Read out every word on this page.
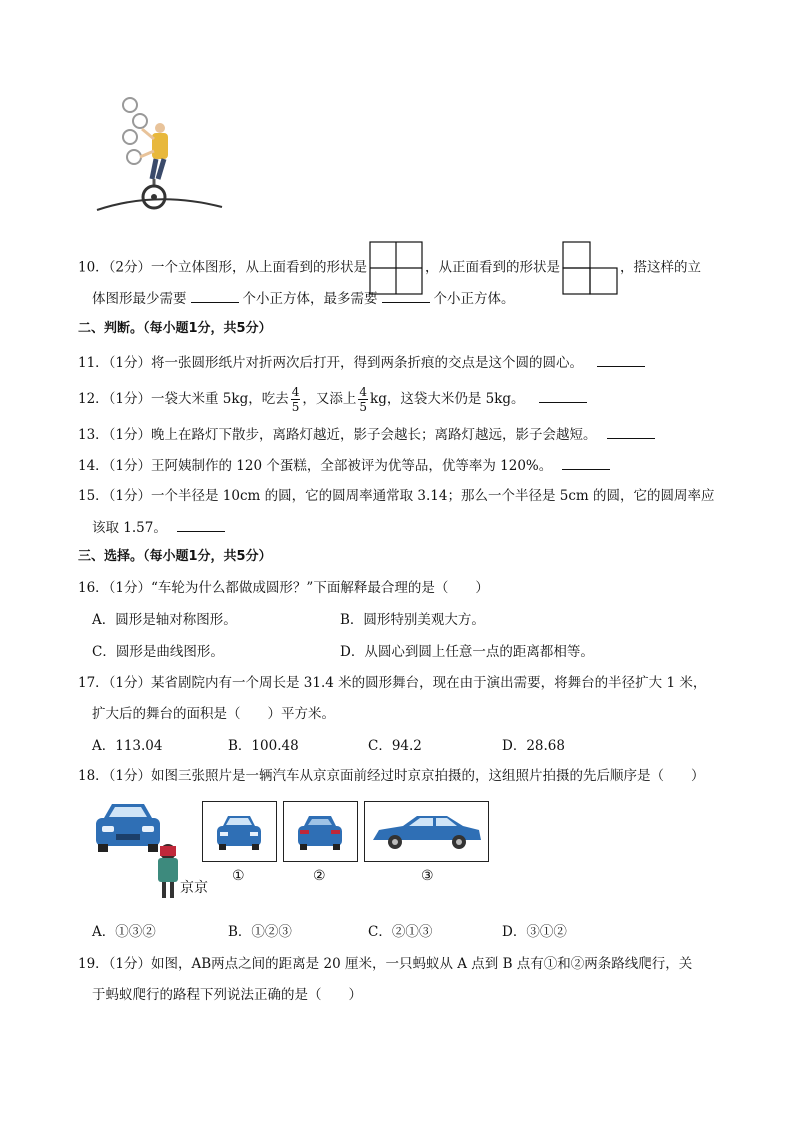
10．（2分）一个立体图形，从上面看到的形状是	，从正面看到的形状是	，搭这样的立
体图形最少需要	个小正方体，最多需要	个小正方体。
二、判断。（每小题1分，共5分）
11．（1分）将一张圆形纸片对折两次后打开，得到两条折痕的交点是这个圆的圆心。
12．（1分）一袋大米重 5kg，吃去 $\frac{4}{5}$ ，又添上 $\frac{4}{5}$ kg，这袋大米仍是 5kg。
13．（1分）晚上在路灯下散步，离路灯越近，影子会越长；离路灯越远，影子会越短。
14．（1分）王阿姨制作的 120 个蛋糕，全部被评为优等品，优等率为 120%。
15．（1分）一个半径是 10cm 的圆，它的圆周率通常取 3.14；那么一个半径是 5cm 的圆，它的圆周率应
该取 1.57。
三、选择。（每小题1分，共5分）
16．（1分）“车轮为什么都做成圆形？”下面解释最合理的是（　　）
A．圆形是轴对称图形。	B．圆形特别美观大方。
C．圆形是曲线图形。	D．从圆心到圆上任意一点的距离都相等。
17．（1分）某省剧院内有一个周长是 31.4 米的圆形舞台，现在由于演出需要，将舞台的半径扩大 1 米，
扩大后的舞台的面积是（　　）平方米。
A．113.04	B．100.48	C．94.2	D．28.68
18．（1分）如图三张照片是一辆汽车从京京面前经过时京京拍摄的，这组照片拍摄的先后顺序是（　　）
京京
①	②	③
A．①③②	B．①②③	C．②①③	D．③①②
19．（1分）如图，AB两点之间的距离是 20 厘米，一只蚂蚁从 A 点到 B 点有①和②两条路线爬行，关
于蚂蚁爬行的路程下列说法正确的是（　　）
